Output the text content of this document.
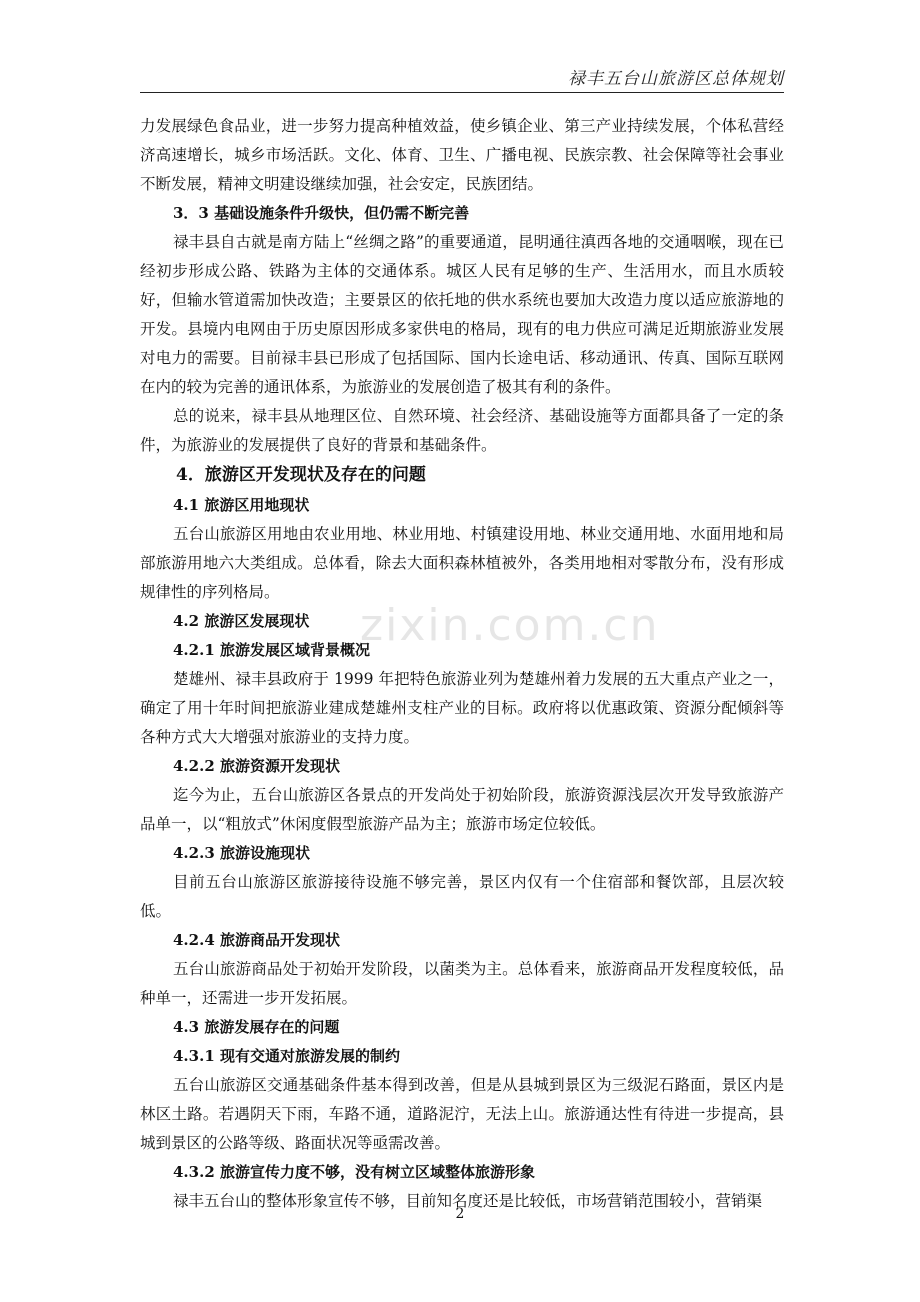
禄丰五台山旅游区总体规划
zixin.com.cn

力发展绿色食品业，进一步努力提高种植效益，使乡镇企业、第三产业持续发展，个体私营经济高速增长，城乡市场活跃。文化、体育、卫生、广播电视、民族宗教、社会保障等社会事业不断发展，精神文明建设继续加强，社会安定，民族团结。

3．3 基础设施条件升级快，但仍需不断完善

禄丰县自古就是南方陆上“丝绸之路”的重要通道，昆明通往滇西各地的交通咽喉，现在已经初步形成公路、铁路为主体的交通体系。城区人民有足够的生产、生活用水，而且水质较好，但输水管道需加快改造；主要景区的依托地的供水系统也要加大改造力度以适应旅游地的开发。县境内电网由于历史原因形成多家供电的格局，现有的电力供应可满足近期旅游业发展对电力的需要。目前禄丰县已形成了包括国际、国内长途电话、移动通讯、传真、国际互联网在内的较为完善的通讯体系，为旅游业的发展创造了极其有利的条件。

总的说来，禄丰县从地理区位、自然环境、社会经济、基础设施等方面都具备了一定的条件，为旅游业的发展提供了良好的背景和基础条件。

4．旅游区开发现状及存在的问题

4.1 旅游区用地现状

五台山旅游区用地由农业用地、林业用地、村镇建设用地、林业交通用地、水面用地和局部旅游用地六大类组成。总体看，除去大面积森林植被外，各类用地相对零散分布，没有形成规律性的序列格局。

4.2 旅游区发展现状

4.2.1 旅游发展区域背景概况

楚雄州、禄丰县政府于 1999 年把特色旅游业列为楚雄州着力发展的五大重点产业之一，确定了用十年时间把旅游业建成楚雄州支柱产业的目标。政府将以优惠政策、资源分配倾斜等各种方式大大增强对旅游业的支持力度。

4.2.2 旅游资源开发现状

迄今为止，五台山旅游区各景点的开发尚处于初始阶段，旅游资源浅层次开发导致旅游产品单一，以“粗放式”休闲度假型旅游产品为主；旅游市场定位较低。

4.2.3 旅游设施现状

目前五台山旅游区旅游接待设施不够完善，景区内仅有一个住宿部和餐饮部，且层次较低。

4.2.4 旅游商品开发现状

五台山旅游商品处于初始开发阶段，以菌类为主。总体看来，旅游商品开发程度较低，品种单一，还需进一步开发拓展。

4.3 旅游发展存在的问题

4.3.1 现有交通对旅游发展的制约

五台山旅游区交通基础条件基本得到改善，但是从县城到景区为三级泥石路面，景区内是林区土路。若遇阴天下雨，车路不通，道路泥泞，无法上山。旅游通达性有待进一步提高，县城到景区的公路等级、路面状况等亟需改善。

4.3.2 旅游宣传力度不够，没有树立区域整体旅游形象

禄丰五台山的整体形象宣传不够，目前知名度还是比较低，市场营销范围较小，营销渠

2
